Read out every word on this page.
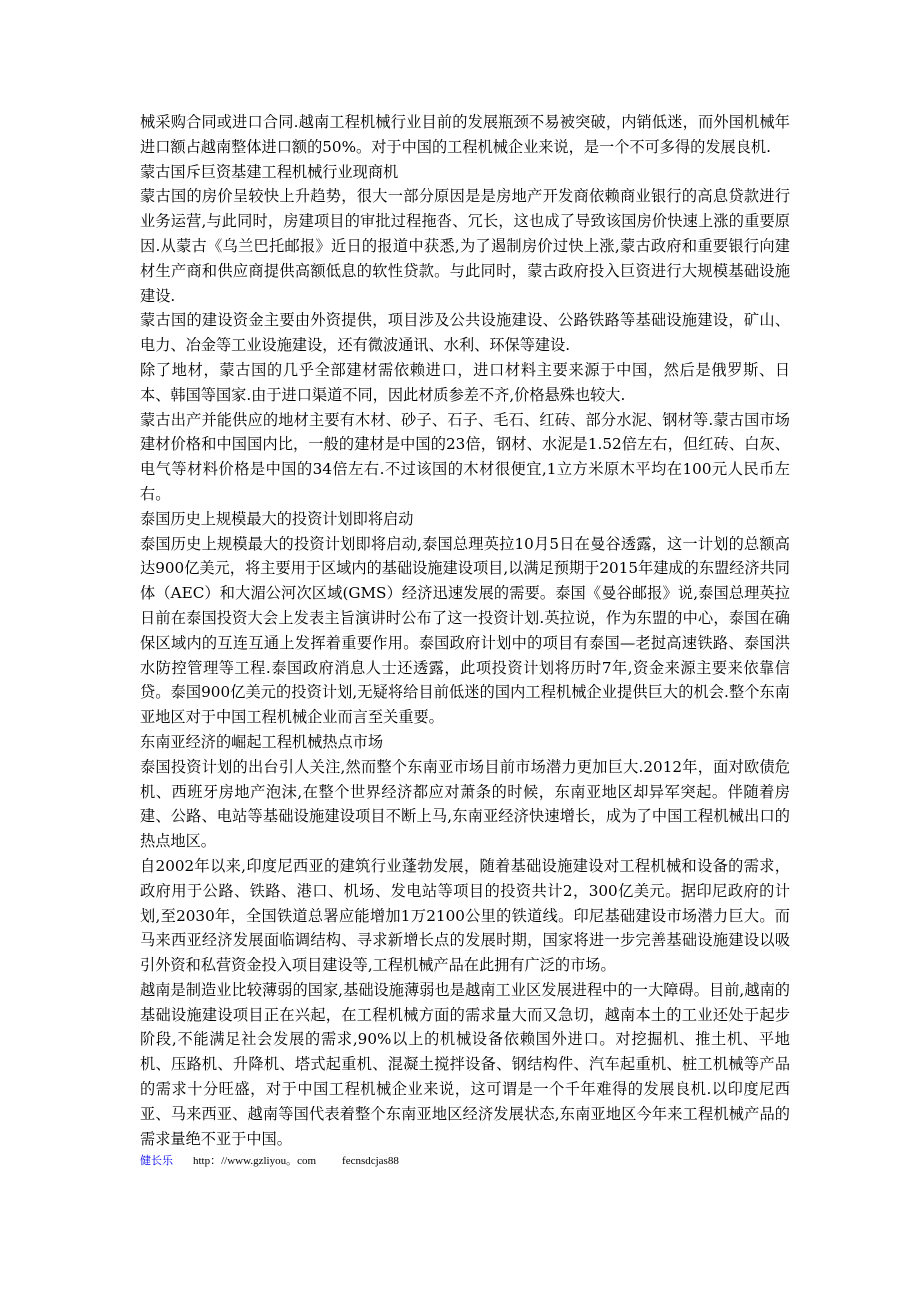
械采购合同或进口合同.越南工程机械行业目前的发展瓶颈不易被突破，内销低迷，而外国机械年进口额占越南整体进口额的50%。对于中国的工程机械企业来说，是一个不可多得的发展良机.

蒙古国斥巨资基建工程机械行业现商机

蒙古国的房价呈较快上升趋势，很大一部分原因是是房地产开发商依赖商业银行的高息贷款进行业务运营,与此同时，房建项目的审批过程拖沓、冗长，这也成了导致该国房价快速上涨的重要原因.从蒙古《乌兰巴托邮报》近日的报道中获悉,为了遏制房价过快上涨,蒙古政府和重要银行向建材生产商和供应商提供高额低息的软性贷款。与此同时，蒙古政府投入巨资进行大规模基础设施建设.

蒙古国的建设资金主要由外资提供，项目涉及公共设施建设、公路铁路等基础设施建设，矿山、电力、冶金等工业设施建设，还有微波通讯、水利、环保等建设.

除了地材，蒙古国的几乎全部建材需依赖进口，进口材料主要来源于中国，然后是俄罗斯、日本、韩国等国家.由于进口渠道不同，因此材质参差不齐,价格悬殊也较大.

蒙古出产并能供应的地材主要有木材、砂子、石子、毛石、红砖、部分水泥、钢材等.蒙古国市场建材价格和中国国内比，一般的建材是中国的23倍，钢材、水泥是1.52倍左右，但红砖、白灰、电气等材料价格是中国的34倍左右.不过该国的木材很便宜,1立方米原木平均在100元人民币左右。

泰国历史上规模最大的投资计划即将启动

泰国历史上规模最大的投资计划即将启动,泰国总理英拉10月5日在曼谷透露，这一计划的总额高达900亿美元，将主要用于区域内的基础设施建设项目,以满足预期于2015年建成的东盟经济共同体（AEC）和大湄公河次区域(GMS）经济迅速发展的需要。泰国《曼谷邮报》说,泰国总理英拉日前在泰国投资大会上发表主旨演讲时公布了这一投资计划.英拉说，作为东盟的中心，泰国在确保区域内的互连互通上发挥着重要作用。泰国政府计划中的项目有泰国—老挝高速铁路、泰国洪水防控管理等工程.泰国政府消息人士还透露，此项投资计划将历时7年,资金来源主要来依靠信贷。泰国900亿美元的投资计划,无疑将给目前低迷的国内工程机械企业提供巨大的机会.整个东南亚地区对于中国工程机械企业而言至关重要。

东南亚经济的崛起工程机械热点市场

泰国投资计划的出台引人关注,然而整个东南亚市场目前市场潜力更加巨大.2012年，面对欧债危机、西班牙房地产泡沫,在整个世界经济都应对萧条的时候，东南亚地区却异军突起。伴随着房建、公路、电站等基础设施建设项目不断上马,东南亚经济快速增长，成为了中国工程机械出口的热点地区。

自2002年以来,印度尼西亚的建筑行业蓬勃发展，随着基础设施建设对工程机械和设备的需求，政府用于公路、铁路、港口、机场、发电站等项目的投资共计2，300亿美元。据印尼政府的计划,至2030年，全国铁道总署应能增加1万2100公里的铁道线。印尼基础建设市场潜力巨大。而马来西亚经济发展面临调结构、寻求新增长点的发展时期，国家将进一步完善基础设施建设以吸引外资和私营资金投入项目建设等,工程机械产品在此拥有广泛的市场。

越南是制造业比较薄弱的国家,基础设施薄弱也是越南工业区发展进程中的一大障碍。目前,越南的基础设施建设项目正在兴起，在工程机械方面的需求量大而又急切，越南本土的工业还处于起步阶段,不能满足社会发展的需求,90%以上的机械设备依赖国外进口。对挖掘机、推土机、平地机、压路机、升降机、塔式起重机、混凝土搅拌设备、钢结构件、汽车起重机、桩工机械等产品的需求十分旺盛，对于中国工程机械企业来说，这可谓是一个千年难得的发展良机.以印度尼西亚、马来西亚、越南等国代表着整个东南亚地区经济发展状态,东南亚地区今年来工程机械产品的需求量绝不亚于中国。

健长乐 http：//www.gzliyou。com fecnsdcjas88
